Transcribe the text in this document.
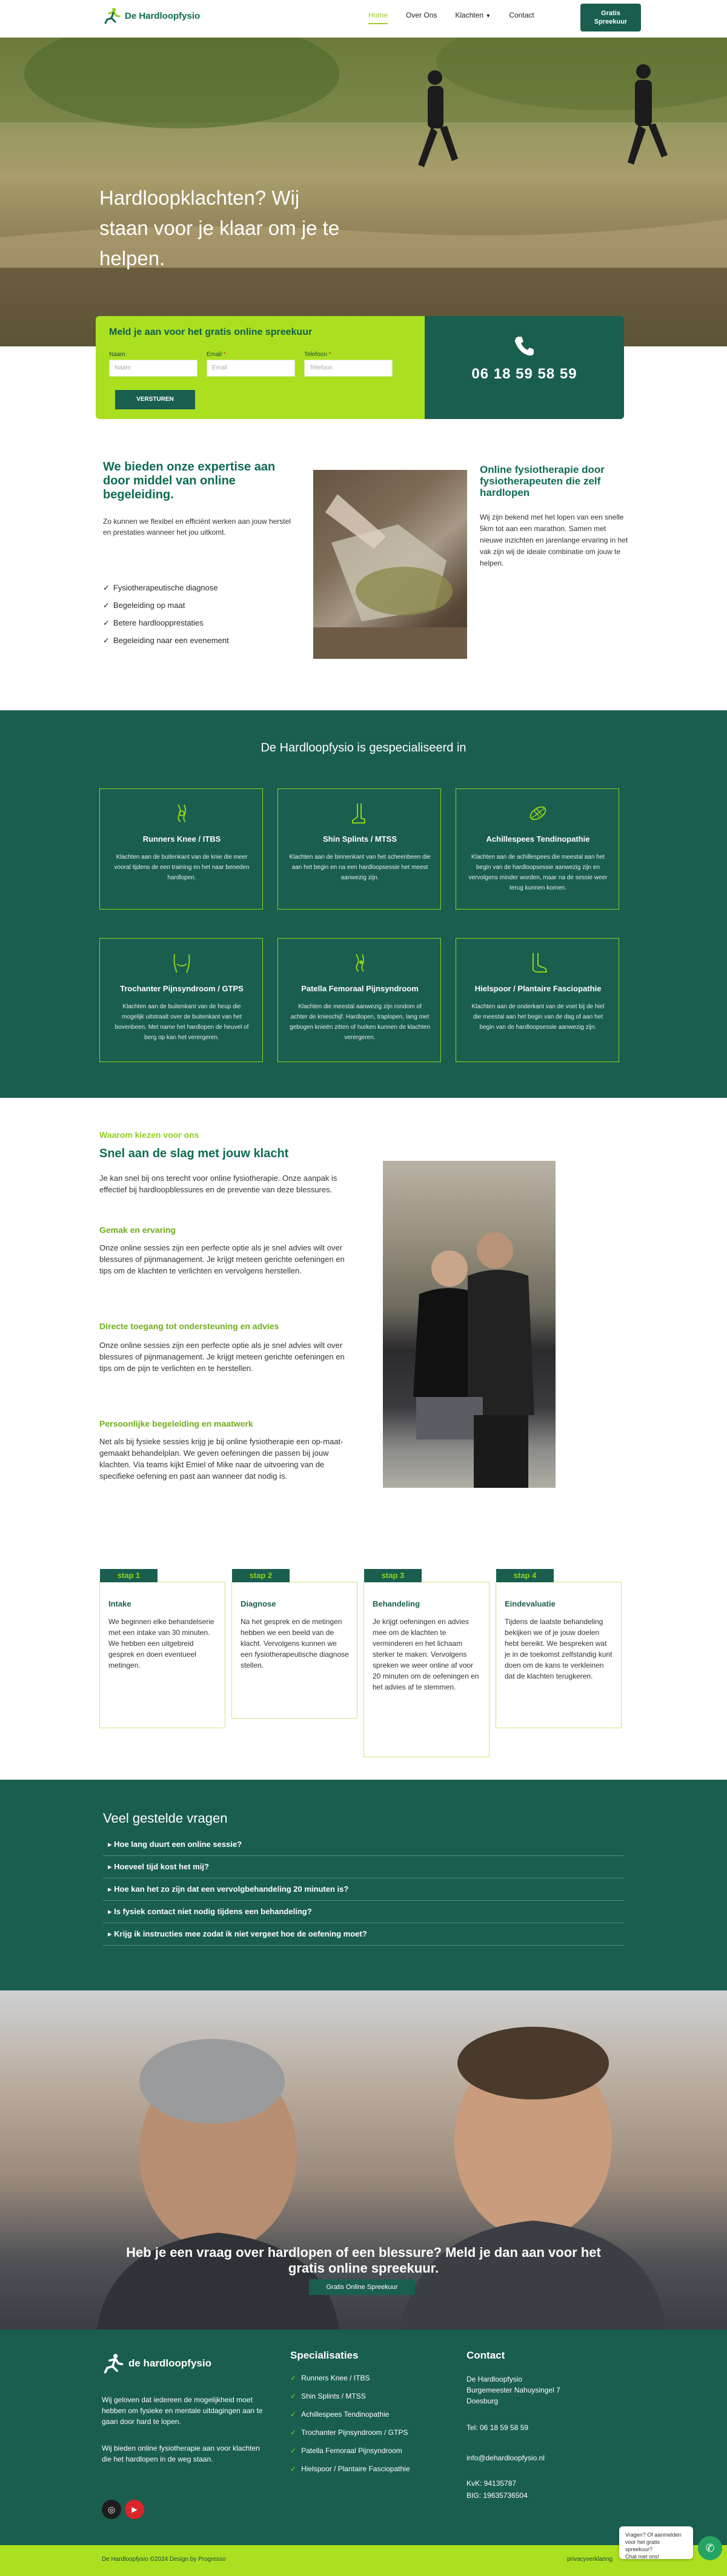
De Hardloopfysio	Home	Over Ons	Klachten ▼	Contact	Gratis
Spreekuur
Hardloopklachten? Wij staan voor je klaar om je te helpen.
Meld je aan voor het gratis online spreekuur
Naam	Email *	Telefoon *
Naam	Email	Telefoon
VERSTUREN
06 18 59 58 59
We bieden onze expertise aan door middel van online begeleiding.
Zo kunnen we flexibel en efficiënt werken aan jouw herstel en prestaties wanneer het jou uitkomt.
✓ Fysiotherapeutische diagnose
✓ Begeleiding op maat
✓ Betere hardloopprestaties
✓ Begeleiding naar een evenement
Online fysiotherapie door fysiotherapeuten die zelf hardlopen
Wij zijn bekend met het lopen van een snelle 5km tot aan een marathon. Samen met nieuwe inzichten en jarenlange ervaring in het vak zijn wij de ideale combinatie om jouw te helpen.
De Hardloopfysio is gespecialiseerd in
Runners Knee / ITBS

Klachten aan de buitenkant van de knie die meer vooral tijdens de een training en het naar beneden hardlopen.

Shin Splints / MTSS

Klachten aan de binnenkant van het scheenbeen die aan het begin en na een hardloopsessie het meest aanwezig zijn.

Achillespees Tendinopathie

Klachten aan de achillespees die meestal aan het begin van de hardloopsessie aanwezig zijn en vervolgens minder worden, maar na de sessie weer terug kunnen komen.

Trochanter Pijnsyndroom / GTPS

Klachten aan de buitenkant van de heup die mogelijk uitstraalt over de buitenkant van het bovenbeen. Met name het hardlopen de heuvel of berg op kan het verergeren.

Patella Femoraal Pijnsyndroom

Klachten die meestal aanwezig zijn rondom of achter de knieschijf. Hardlopen, traplopen, lang met gebogen knieën zitten of hurken kunnen de klachten verergeren.

Hielspoor / Plantaire Fasciopathie

Klachten aan de onderkant van de voet bij de hiel die meestal aan het begin van de dag of aan het begin van de hardloopsessie aanwezig zijn.

Waarom kiezen voor ons
Snel aan de slag met jouw klacht
Je kan snel bij ons terecht voor online fysiotherapie. Onze aanpak is effectief bij hardloopblessures en de preventie van deze blessures.
Gemak en ervaring
Onze online sessies zijn een perfecte optie als je snel advies wilt over blessures of pijnmanagement. Je krijgt meteen gerichte oefeningen en tips om de klachten te verlichten en vervolgens herstellen.
Directe toegang tot ondersteuning en advies
Onze online sessies zijn een perfecte optie als je snel advies wilt over blessures of pijnmanagement. Je krijgt meteen gerichte oefeningen en tips om de pijn te verlichten en te herstellen.
Persoonlijke begeleiding en maatwerk
Net als bij fysieke sessies krijg je bij online fysiotherapie een op-maat-gemaakt behandelplan. We geven oefeningen die passen bij jouw klachten. Via teams kijkt Emiel of Mike naar de uitvoering van de specifieke oefening en past aan wanneer dat nodig is.
stap 1
Intake

We beginnen elke behandelserie met een intake van 30 minuten. We hebben een uitgebreid gesprek en doen eventueel metingen.

stap 2
Diagnose

Na het gesprek en de metingen hebben we een beeld van de klacht. Vervolgens kunnen we een fysiotherapeutische diagnose stellen.

stap 3
Behandeling

Je krijgt oefeningen en advies mee om de klachten te verminderen en het lichaam sterker te maken. Vervolgens spreken we weer online af voor 20 minuten om de oefeningen en het advies af te stemmen.

stap 4
Eindevaluatie

Tijdens de laatste behandeling bekijken we of je jouw doelen hebt bereikt. We bespreken wat je in de toekomst zelfstandig kunt doen om de kans te verkleinen dat de klachten terugkeren.

Veel gestelde vragen
▸ Hoe lang duurt een online sessie?
▸ Hoeveel tijd kost het mij?
▸ Hoe kan het zo zijn dat een vervolgbehandeling 20 minuten is?
▸ Is fysiek contact niet nodig tijdens een behandeling?
▸ Krijg ik instructies mee zodat ik niet vergeet hoe de oefening moet?
Heb je een vraag over hardlopen of een blessure? Meld je dan aan voor het gratis online spreekuur.
Gratis Online Spreekuur
de hardloopfysio
Wij geloven dat iedereen de mogelijkheid moet hebben om fysieke en mentale uitdagingen aan te gaan door hard te lopen.
Wij bieden online fysiotherapie aan voor klachten die het hardlopen in de weg staan.
◎	▶
Specialisaties
✓ Runners Knee / ITBS
✓ Shin Splints / MTSS
✓ Achillespees Tendinopathie
✓ Trochanter Pijnsyndroom / GTPS
✓ Patella Femoraal Pijnsyndroom
✓ Hielspoor / Plantaire Fasciopathie
Contact
De Hardloopfysio
Burgemeester Nahuysingel 7
Doesburg
Tel: 06 18 59 58 59
info@dehardloopfysio.nl
KvK: 94135787
BIG: 19635736504
De Hardloopfysio ©2024 Design by Progresso	privacyverklaring
Vragen? Of aanmelden
voor het gratis spreekuur?
Chat met ons!
✆
